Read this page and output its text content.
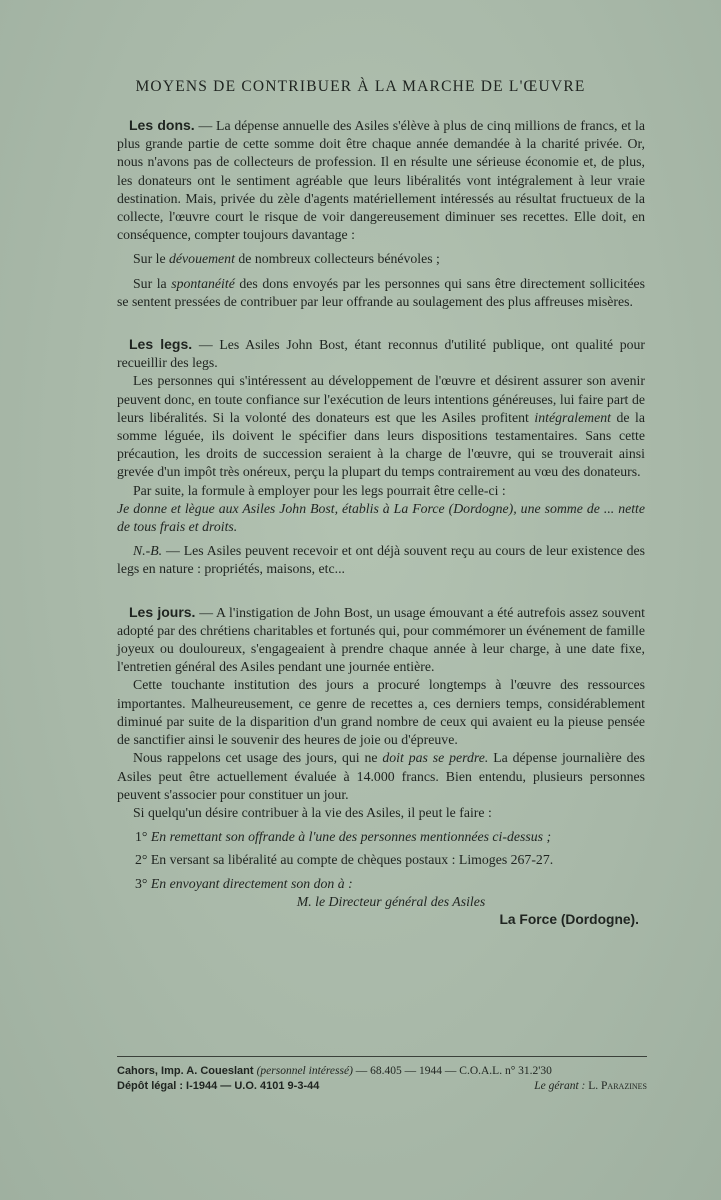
MOYENS DE CONTRIBUER À LA MARCHE DE L'ŒUVRE

Les dons. — La dépense annuelle des Asiles s'élève à plus de cinq millions de francs, et la plus grande partie de cette somme doit être chaque année demandée à la charité privée. Or, nous n'avons pas de collecteurs de profession. Il en résulte une sérieuse économie et, de plus, les donateurs ont le sentiment agréable que leurs libéralités vont intégralement à leur vraie destination. Mais, privée du zèle d'agents matériellement intéressés au résultat fructueux de la collecte, l'œuvre court le risque de voir dangereusement diminuer ses recettes. Elle doit, en conséquence, compter toujours davantage :

Sur le dévouement de nombreux collecteurs bénévoles ;

Sur la spontanéité des dons envoyés par les personnes qui sans être directement sollicitées se sentent pressées de contribuer par leur offrande au soulagement des plus affreuses misères.

Les legs. — Les Asiles John Bost, étant reconnus d'utilité publique, ont qualité pour recueillir des legs.

Les personnes qui s'intéressent au développement de l'œuvre et désirent assurer son avenir peuvent donc, en toute confiance sur l'exécution de leurs intentions généreuses, lui faire part de leurs libéralités. Si la volonté des donateurs est que les Asiles profitent intégralement de la somme léguée, ils doivent le spécifier dans leurs dispositions testamentaires. Sans cette précaution, les droits de succession seraient à la charge de l'œuvre, qui se trouverait ainsi grevée d'un impôt très onéreux, perçu la plupart du temps contrairement au vœu des donateurs.

Par suite, la formule à employer pour les legs pourrait être celle-ci :

Je donne et lègue aux Asiles John Bost, établis à La Force (Dordogne), une somme de ... nette de tous frais et droits.

N.-B. — Les Asiles peuvent recevoir et ont déjà souvent reçu au cours de leur existence des legs en nature : propriétés, maisons, etc...

Les jours. — A l'instigation de John Bost, un usage émouvant a été autrefois assez souvent adopté par des chrétiens charitables et fortunés qui, pour commémorer un événement de famille joyeux ou douloureux, s'engageaient à prendre chaque année à leur charge, à une date fixe, l'entretien général des Asiles pendant une journée entière.

Cette touchante institution des jours a procuré longtemps à l'œuvre des ressources importantes. Malheureusement, ce genre de recettes a, ces derniers temps, considérablement diminué par suite de la disparition d'un grand nombre de ceux qui avaient eu la pieuse pensée de sanctifier ainsi le souvenir des heures de joie ou d'épreuve.

Nous rappelons cet usage des jours, qui ne doit pas se perdre. La dépense journalière des Asiles peut être actuellement évaluée à 14.000 francs. Bien entendu, plusieurs personnes peuvent s'associer pour constituer un jour.

Si quelqu'un désire contribuer à la vie des Asiles, il peut le faire :

1° En remettant son offrande à l'une des personnes mentionnées ci-dessus ;

2° En versant sa libéralité au compte de chèques postaux : Limoges 267-27.

3° En envoyant directement son don à :

M. le Directeur général des Asiles

La Force (Dordogne).

Cahors, Imp. A. Coueslant (personnel intéressé) — 68.405 — 1944 — C.O.A.L. n° 31.2'30
Dépôt légal : I-1944 — U.O. 4101 9-3-44	Le gérant : L. Parazines
